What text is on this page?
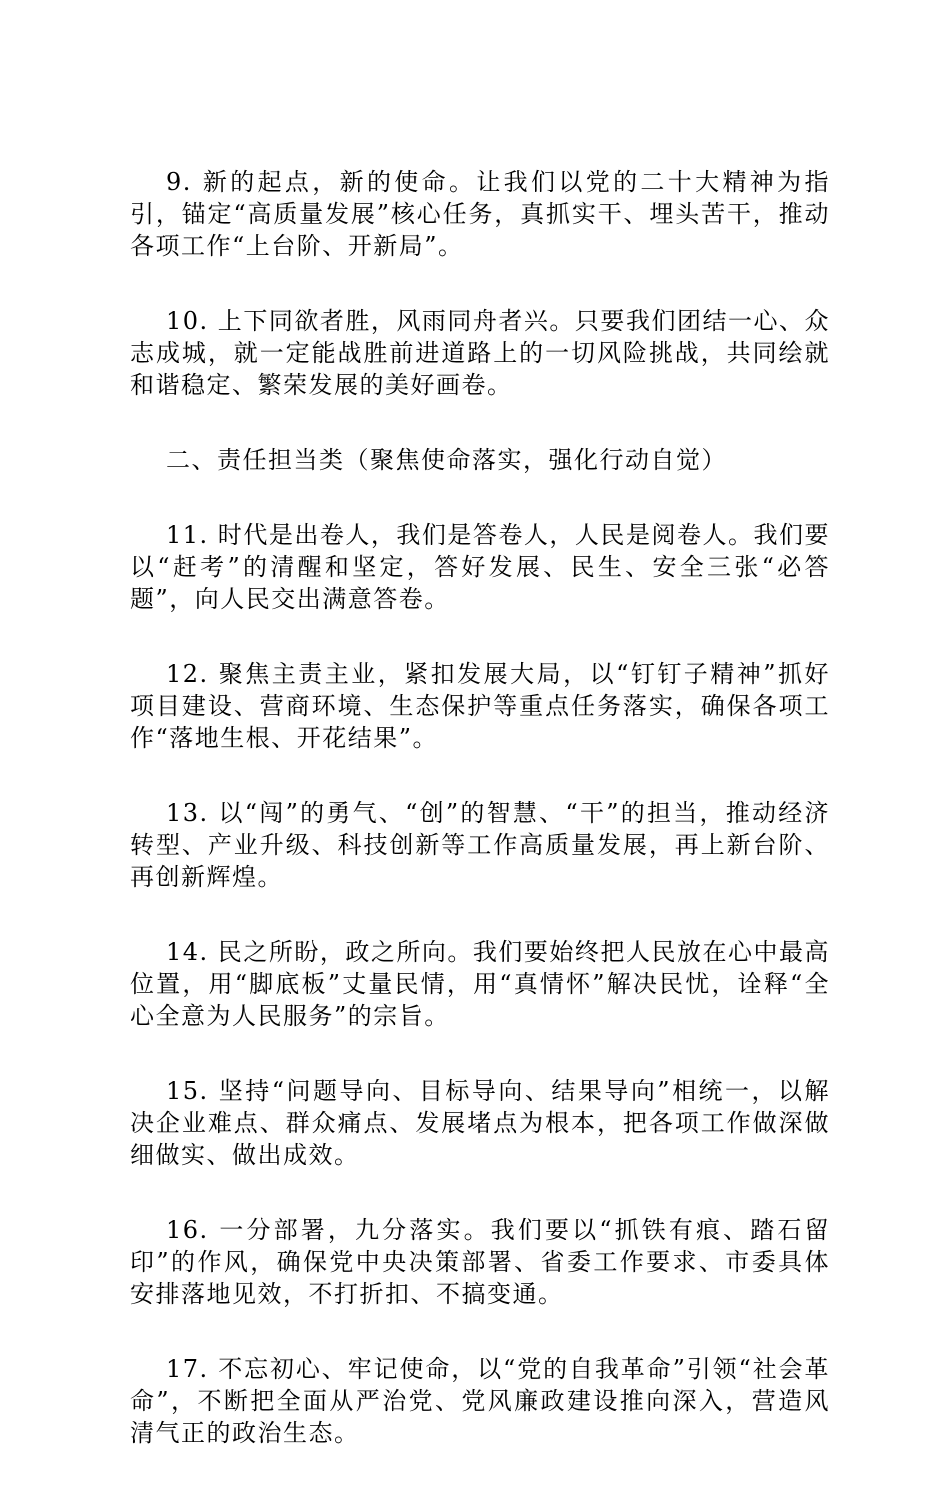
9. 新的起点，新的使命。让我们以党的二十大精神为指引，锚定“高质量发展”核心任务，真抓实干、埋头苦干，推动各项工作“上台阶、开新局”。

10. 上下同欲者胜，风雨同舟者兴。只要我们团结一心、众志成城，就一定能战胜前进道路上的一切风险挑战，共同绘就和谐稳定、繁荣发展的美好画卷。

二、责任担当类（聚焦使命落实，强化行动自觉）

11. 时代是出卷人，我们是答卷人，人民是阅卷人。我们要以“赶考”的清醒和坚定，答好发展、民生、安全三张“必答题”，向人民交出满意答卷。

12. 聚焦主责主业，紧扣发展大局，以“钉钉子精神”抓好项目建设、营商环境、生态保护等重点任务落实，确保各项工作“落地生根、开花结果”。

13. 以“闯”的勇气、“创”的智慧、“干”的担当，推动经济转型、产业升级、科技创新等工作高质量发展，再上新台阶、再创新辉煌。

14. 民之所盼，政之所向。我们要始终把人民放在心中最高位置，用“脚底板”丈量民情，用“真情怀”解决民忧，诠释“全心全意为人民服务”的宗旨。

15. 坚持“问题导向、目标导向、结果导向”相统一，以解决企业难点、群众痛点、发展堵点为根本，把各项工作做深做细做实、做出成效。

16. 一分部署，九分落实。我们要以“抓铁有痕、踏石留印”的作风，确保党中央决策部署、省委工作要求、市委具体安排落地见效，不打折扣、不搞变通。

17. 不忘初心、牢记使命，以“党的自我革命”引领“社会革命”，不断把全面从严治党、党风廉政建设推向深入，营造风清气正的政治生态。
